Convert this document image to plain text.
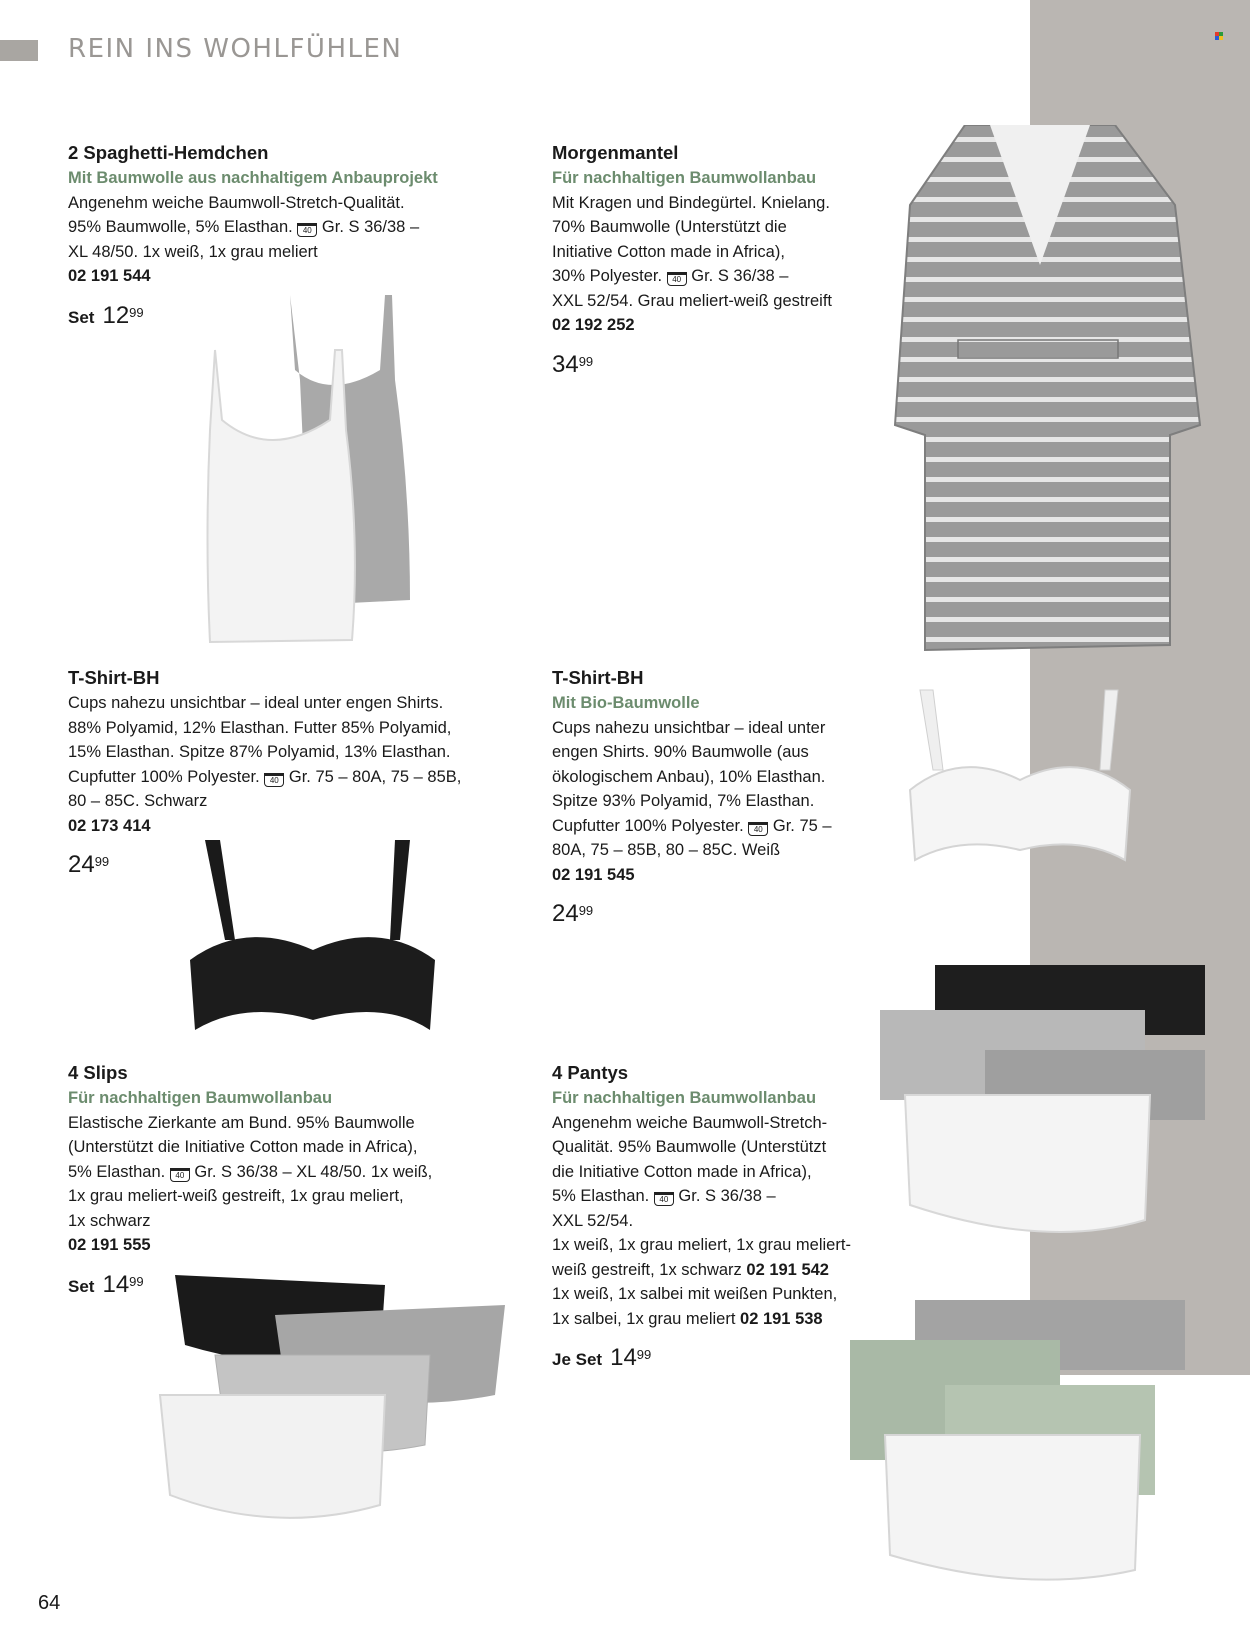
REIN INS WOHLFÜHLEN
2 Spaghetti-Hemdchen
Mit Baumwolle aus nachhaltigem Anbauprojekt
Angenehm weiche Baumwoll-Stretch-Qualität.
95% Baumwolle, 5% Elasthan. 40 Gr. S 36/38 –
XL 48/50. 1x weiß, 1x grau meliert
02 191 544
Set $12^{99}$
Morgenmantel
Für nachhaltigen Baumwollanbau
Mit Kragen und Bindegürtel. Knielang.
70% Baumwolle (Unterstützt die
Initiative Cotton made in Africa),
30% Polyester. 40 Gr. S 36/38 –
XXL 52/54. Grau meliert-weiß gestreift
02 192 252
$34^{99}$
T-Shirt-BH
Cups nahezu unsichtbar – ideal unter engen Shirts.
88% Polyamid, 12% Elasthan. Futter 85% Polyamid,
15% Elasthan. Spitze 87% Polyamid, 13% Elasthan.
Cupfutter 100% Polyester. 40 Gr. 75 – 80A, 75 – 85B,
80 – 85C. Schwarz
02 173 414
$24^{99}$
T-Shirt-BH
Mit Bio-Baumwolle
Cups nahezu unsichtbar – ideal unter
engen Shirts. 90% Baumwolle (aus
ökologischem Anbau), 10% Elasthan.
Spitze 93% Polyamid, 7% Elasthan.
Cupfutter 100% Polyester. 40 Gr. 75 –
80A, 75 – 85B, 80 – 85C. Weiß
02 191 545
$24^{99}$
4 Slips
Für nachhaltigen Baumwollanbau
Elastische Zierkante am Bund. 95% Baumwolle
(Unterstützt die Initiative Cotton made in Africa),
5% Elasthan. 40 Gr. S 36/38 – XL 48/50. 1x weiß,
1x grau meliert-weiß gestreift, 1x grau meliert,
1x schwarz
02 191 555
Set $14^{99}$
4 Pantys
Für nachhaltigen Baumwollanbau
Angenehm weiche Baumwoll-Stretch-
Qualität. 95% Baumwolle (Unterstützt
die Initiative Cotton made in Africa),
5% Elasthan. 40 Gr. S 36/38 –
XXL 52/54.
1x weiß, 1x grau meliert, 1x grau meliert-
weiß gestreift, 1x schwarz 02 191 542
1x weiß, 1x salbei mit weißen Punkten,
1x salbei, 1x grau meliert 02 191 538
Je Set $14^{99}$
64
